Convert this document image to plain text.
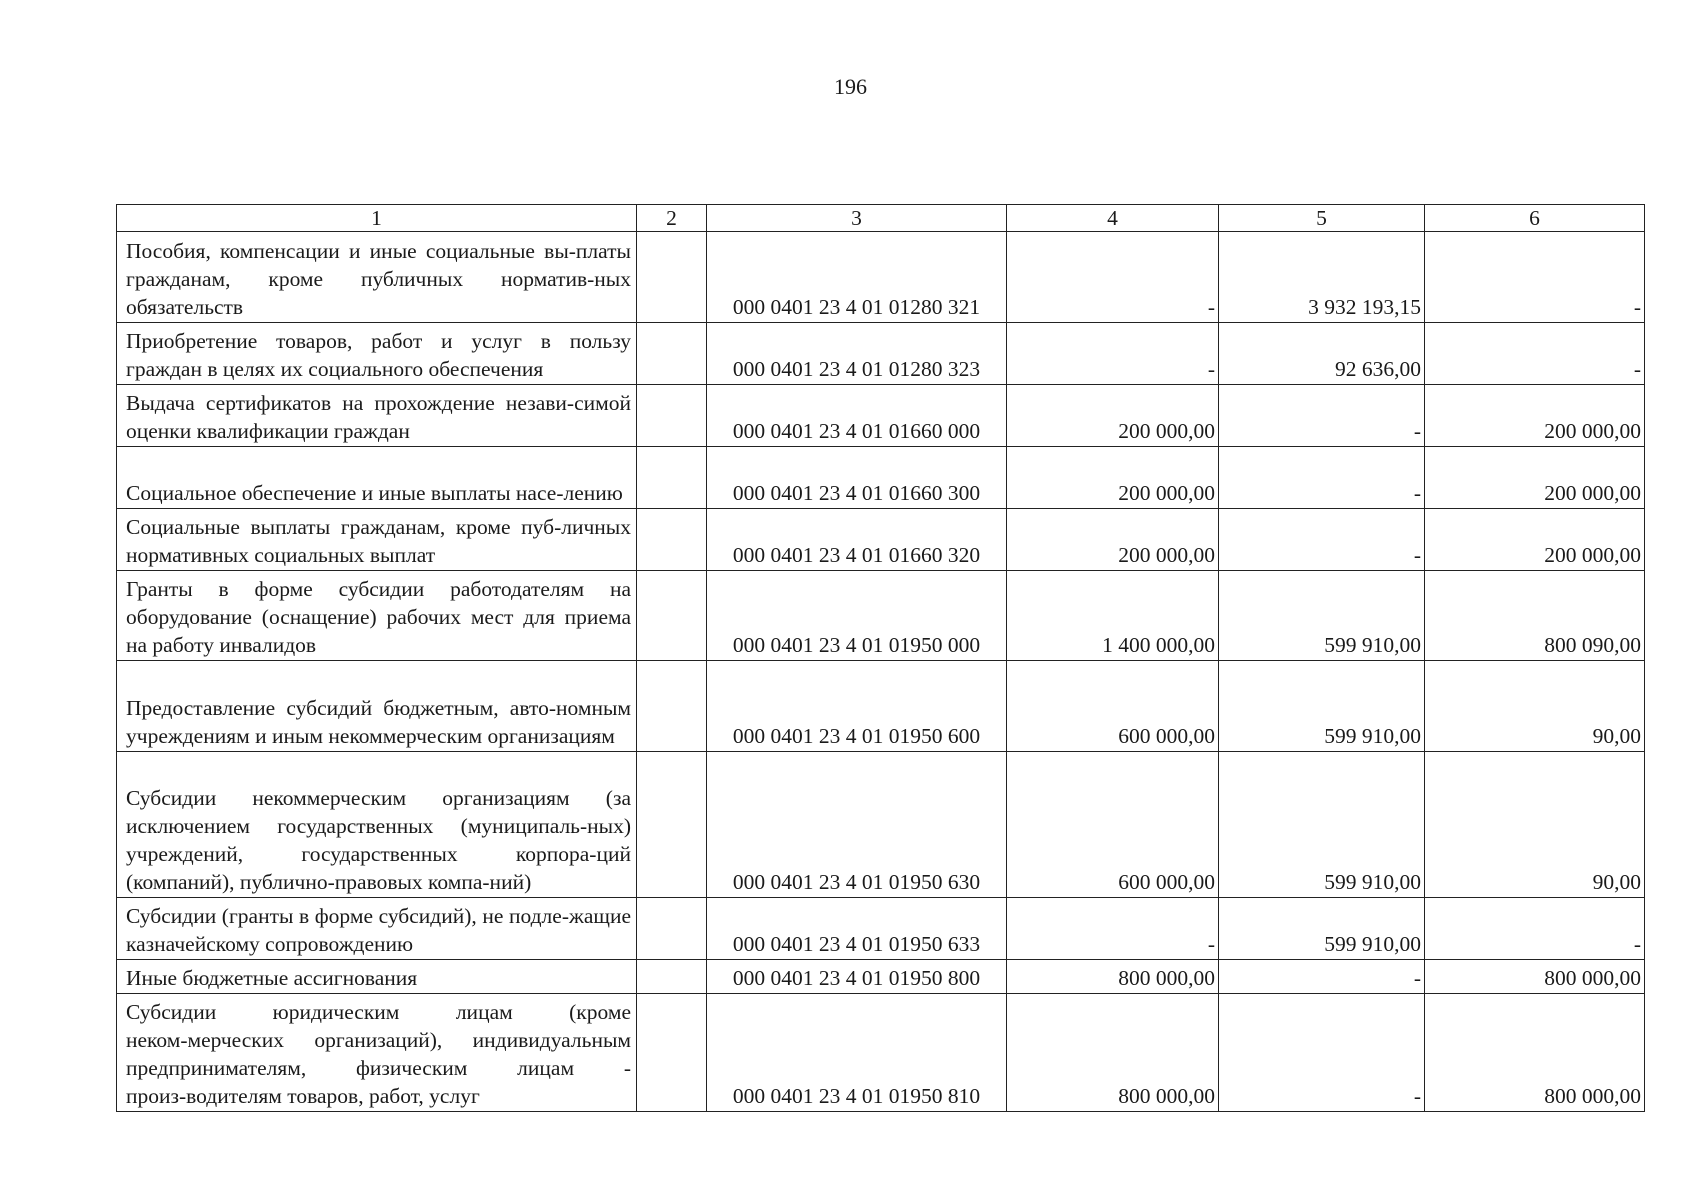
196
1	2	3	4	5	6
Пособия, компенсации и иные социальные вы-платы гражданам, кроме публичных норматив-ных обязательств		000 0401 23 4 01 01280 321	-	3 932 193,15	-
Приобретение товаров, работ и услуг в пользу граждан в целях их социального обеспечения		000 0401 23 4 01 01280 323	-	92 636,00	-
Выдача сертификатов на прохождение незави-симой оценки квалификации граждан		000 0401 23 4 01 01660 000	200 000,00	-	200 000,00
Социальное обеспечение и иные выплаты насе-лению		000 0401 23 4 01 01660 300	200 000,00	-	200 000,00
Социальные выплаты гражданам, кроме пуб-личных нормативных социальных выплат		000 0401 23 4 01 01660 320	200 000,00	-	200 000,00
Гранты в форме субсидии работодателям на оборудование (оснащение) рабочих мест для приема на работу инвалидов		000 0401 23 4 01 01950 000	1 400 000,00	599 910,00	800 090,00
Предоставление субсидий бюджетным, авто-номным учреждениям и иным некоммерческим организациям		000 0401 23 4 01 01950 600	600 000,00	599 910,00	90,00
Субсидии некоммерческим организациям (за исключением государственных (муниципаль-ных) учреждений, государственных корпора-ций (компаний), публично-правовых компа-ний)		000 0401 23 4 01 01950 630	600 000,00	599 910,00	90,00
Субсидии (гранты в форме субсидий), не подле-жащие казначейскому сопровождению		000 0401 23 4 01 01950 633	-	599 910,00	-
Иные бюджетные ассигнования		000 0401 23 4 01 01950 800	800 000,00	-	800 000,00
Субсидии юридическим лицам (кроме неком-мерческих организаций), индивидуальным предпринимателям, физическим лицам - произ-водителям товаров, работ, услуг		000 0401 23 4 01 01950 810	800 000,00	-	800 000,00
